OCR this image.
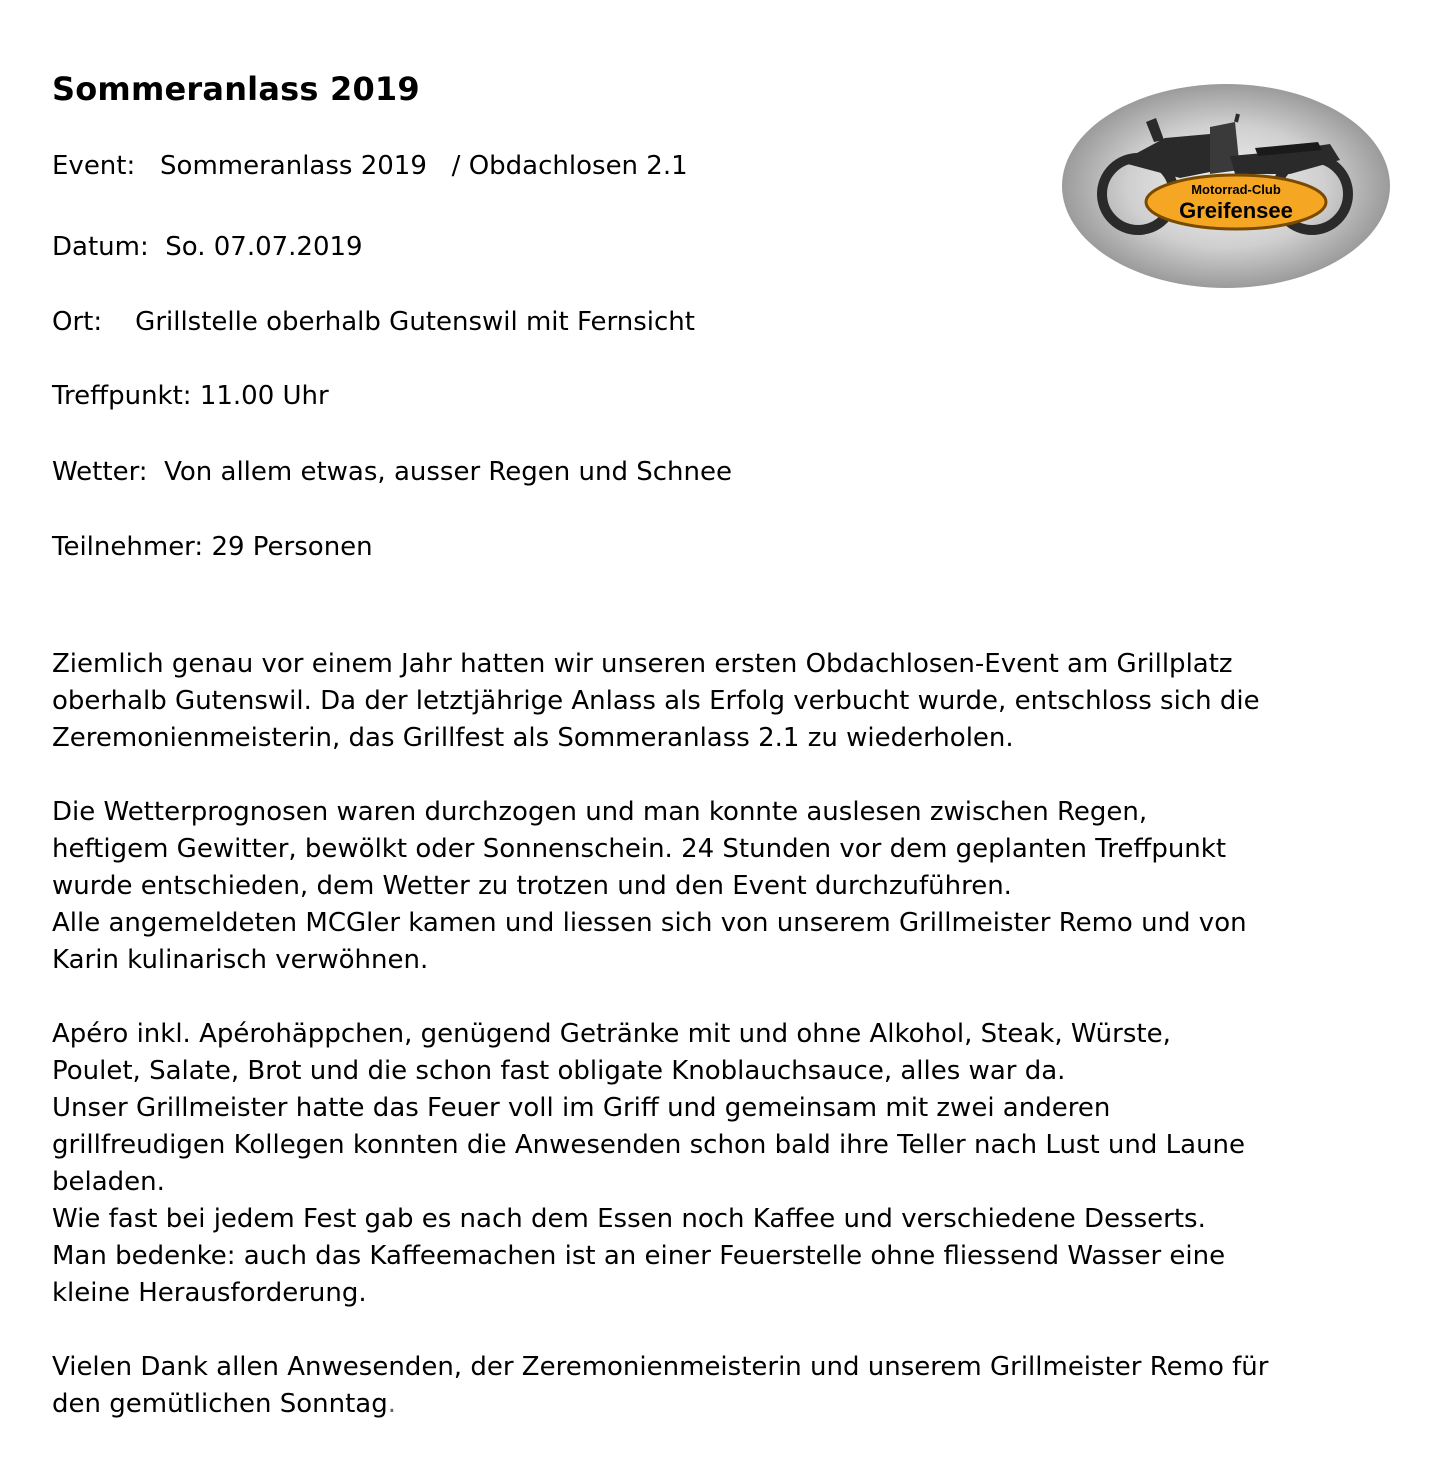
Sommeranlass 2019
Event: Sommeranlass 2019   / Obdachlosen 2.1
Datum: So. 07.07.2019
Ort: Grillstelle oberhalb Gutenswil mit Fernsicht
Treffpunkt: 11.00 Uhr
Wetter: Von allem etwas, ausser Regen und Schnee
Teilnehmer: 29 Personen
Motorrad-Club
Greifensee

Ziemlich genau vor einem Jahr hatten wir unseren ersten Obdachlosen-Event am Grillplatz
oberhalb Gutenswil. Da der letztjährige Anlass als Erfolg verbucht wurde, entschloss sich die
Zeremonienmeisterin, das Grillfest als Sommeranlass 2.1 zu wiederholen.

Die Wetterprognosen waren durchzogen und man konnte auslesen zwischen Regen,
heftigem Gewitter, bewölkt oder Sonnenschein. 24 Stunden vor dem geplanten Treffpunkt
wurde entschieden, dem Wetter zu trotzen und den Event durchzuführen.
Alle angemeldeten MCGler kamen und liessen sich von unserem Grillmeister Remo und von
Karin kulinarisch verwöhnen.

Apéro inkl. Apérohäppchen, genügend Getränke mit und ohne Alkohol, Steak, Würste,
Poulet, Salate, Brot und die schon fast obligate Knoblauchsauce, alles war da.
Unser Grillmeister hatte das Feuer voll im Griff und gemeinsam mit zwei anderen
grillfreudigen Kollegen konnten die Anwesenden schon bald ihre Teller nach Lust und Laune
beladen.
Wie fast bei jedem Fest gab es nach dem Essen noch Kaffee und verschiedene Desserts.
Man bedenke: auch das Kaffeemachen ist an einer Feuerstelle ohne fliessend Wasser eine
kleine Herausforderung.

Vielen Dank allen Anwesenden, der Zeremonienmeisterin und unserem Grillmeister Remo für
den gemütlichen Sonntag.
